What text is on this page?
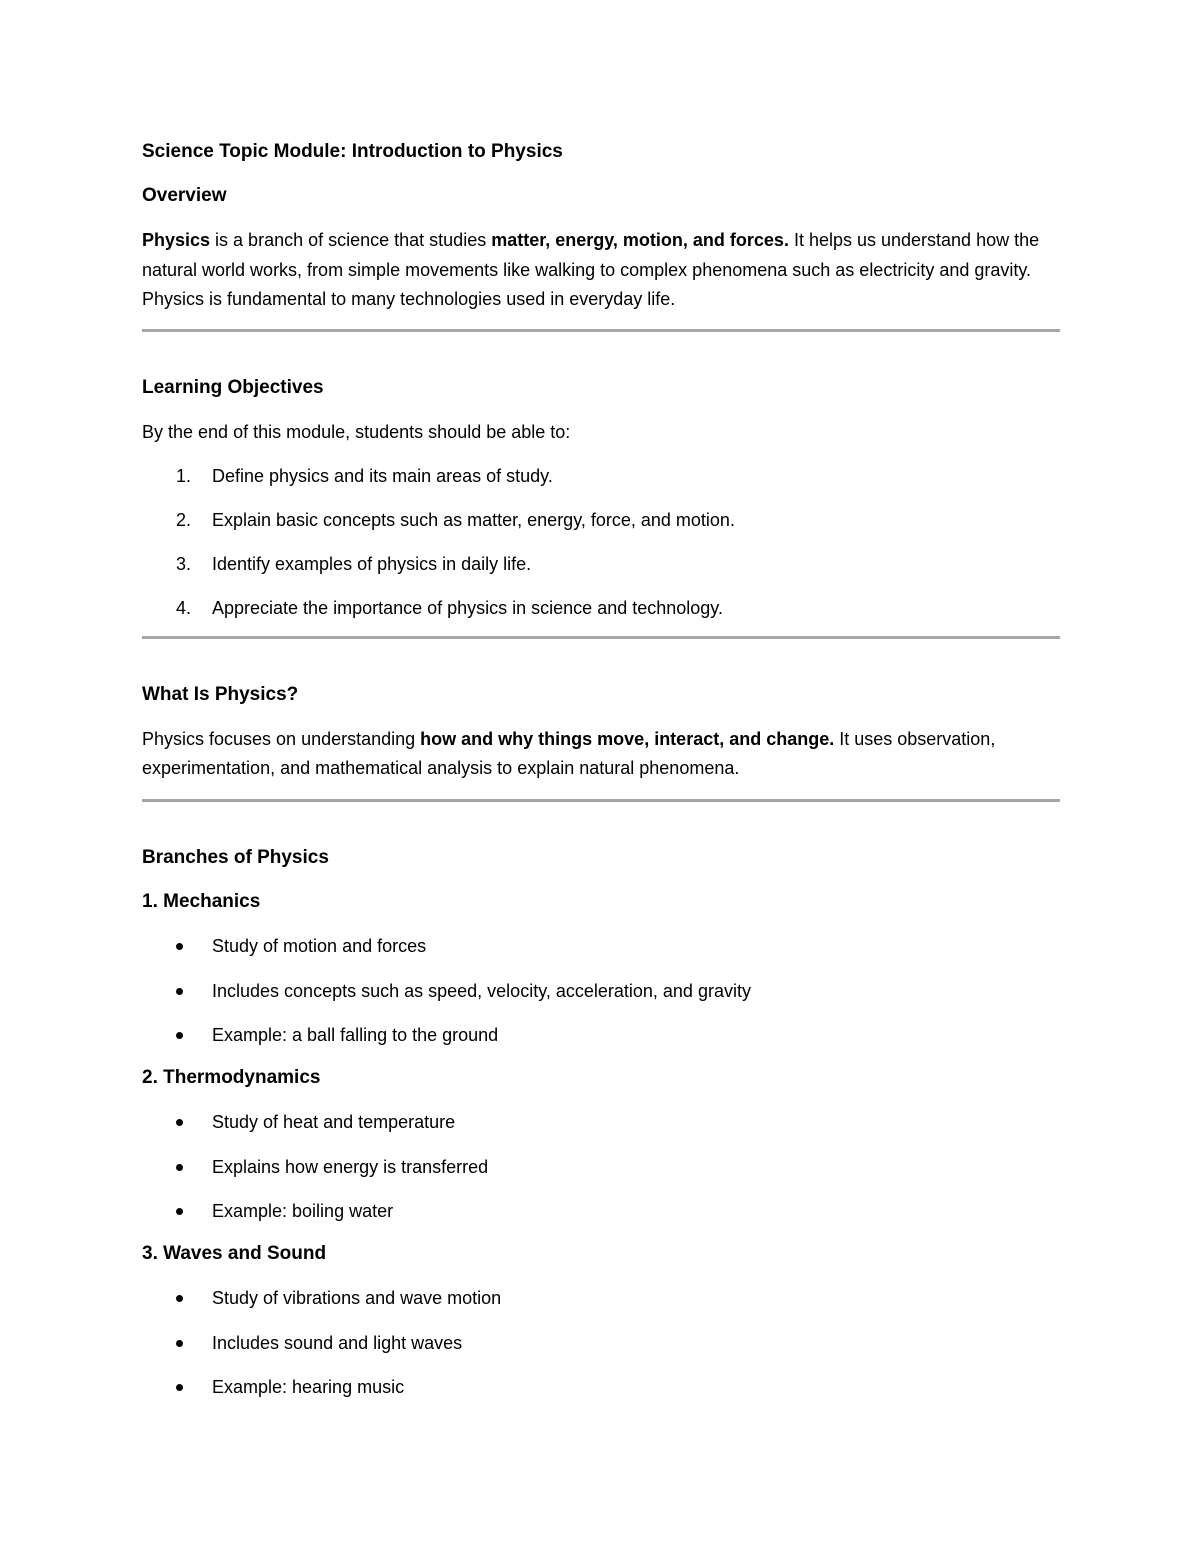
Science Topic Module: Introduction to Physics
Overview

Physics is a branch of science that studies matter, energy, motion, and forces. It helps us understand how the natural world works, from simple movements like walking to complex phenomena such as electricity and gravity. Physics is fundamental to many technologies used in everyday life.

Learning Objectives

By the end of this module, students should be able to:

1. Define physics and its main areas of study.
2. Explain basic concepts such as matter, energy, force, and motion.
3. Identify examples of physics in daily life.
4. Appreciate the importance of physics in science and technology.
What Is Physics?

Physics focuses on understanding how and why things move, interact, and change. It uses observation, experimentation, and mathematical analysis to explain natural phenomena.

Branches of Physics
1. Mechanics
Study of motion and forces
Includes concepts such as speed, velocity, acceleration, and gravity
Example: a ball falling to the ground
2. Thermodynamics
Study of heat and temperature
Explains how energy is transferred
Example: boiling water
3. Waves and Sound
Study of vibrations and wave motion
Includes sound and light waves
Example: hearing music
